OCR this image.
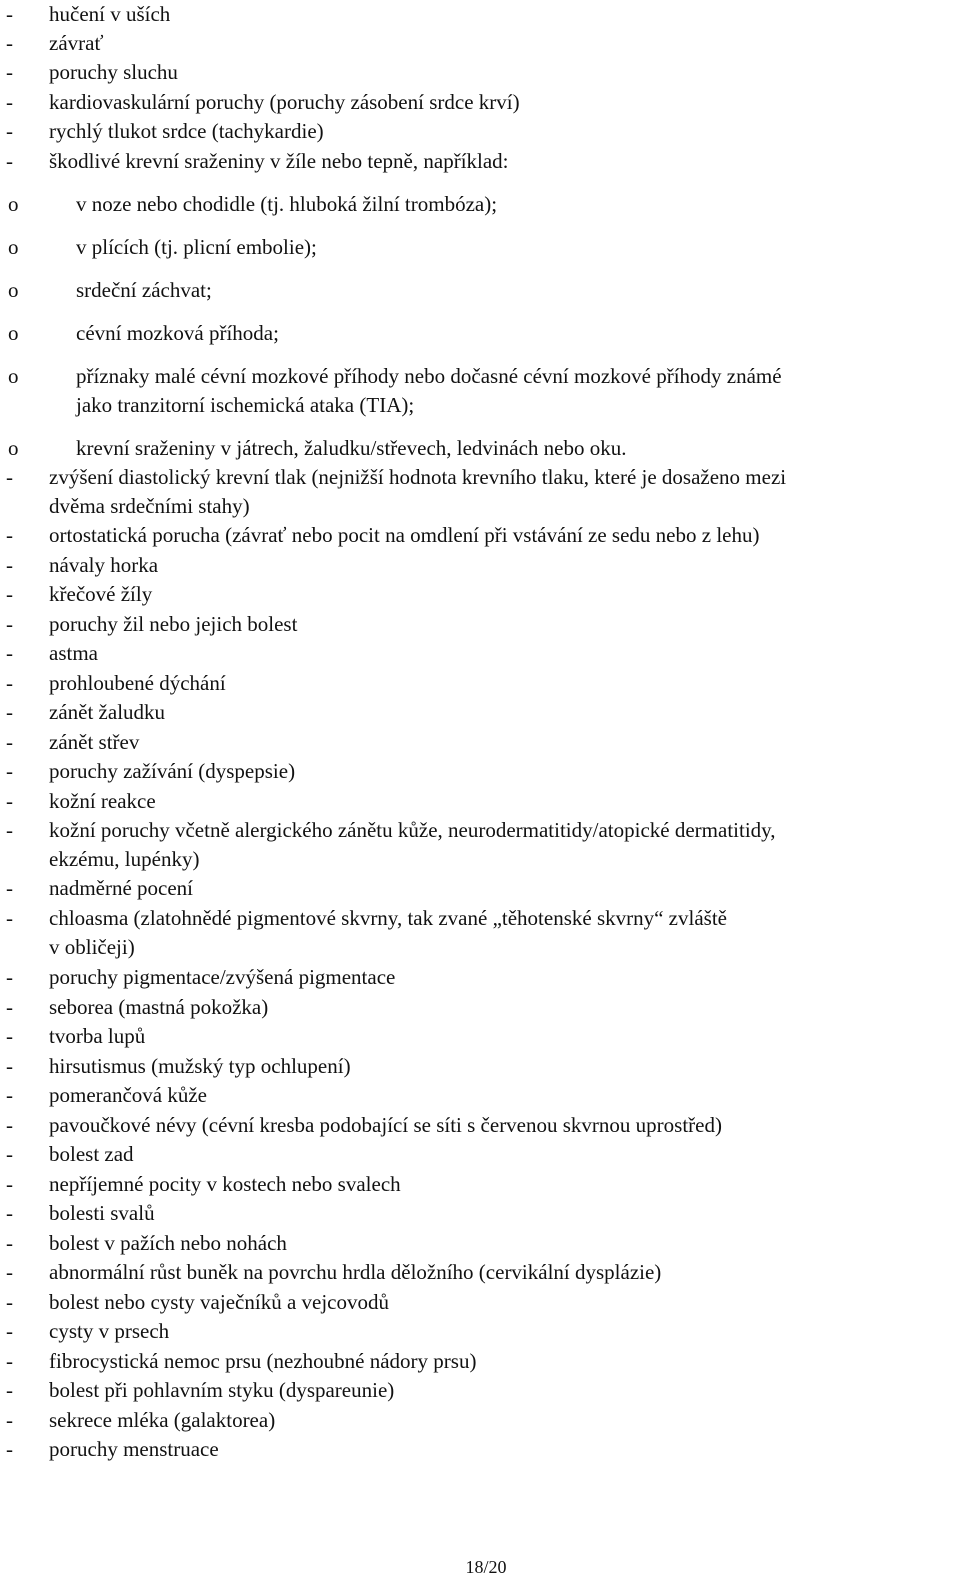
- hučení v uších
- závrať
- poruchy sluchu
- kardiovaskulární poruchy (poruchy zásobení srdce krví)
- rychlý tlukot srdce (tachykardie)
- škodlivé krevní sraženiny v žíle nebo tepně, například:
o	v noze nebo chodidle (tj. hluboká žilní trombóza);
o	v plících (tj. plicní embolie);
o	srdeční záchvat;
o	cévní mozková příhoda;
o	příznaky malé cévní mozkové příhody nebo dočasné cévní mozkové příhody známé
jako tranzitorní ischemická ataka (TIA);
o	krevní sraženiny v játrech, žaludku/střevech, ledvinách nebo oku.
- zvýšení diastolický krevní tlak (nejnižší hodnota krevního tlaku, které je dosaženo mezi
dvěma srdečními stahy)
- ortostatická porucha (závrať nebo pocit na omdlení při vstávání ze sedu nebo z lehu)
- návaly horka
- křečové žíly
- poruchy žil nebo jejich bolest
- astma
- prohloubené dýchání
- zánět žaludku
- zánět střev
- poruchy zažívání (dyspepsie)
- kožní reakce
- kožní poruchy včetně alergického zánětu kůže, neurodermatitidy/atopické dermatitidy,
ekzému, lupénky)
- nadměrné pocení
- chloasma (zlatohnědé pigmentové skvrny, tak zvané „těhotenské skvrny“ zvláště
v obličeji)
- poruchy pigmentace/zvýšená pigmentace
- seborea (mastná pokožka)
- tvorba lupů
- hirsutismus (mužský typ ochlupení)
- pomerančová kůže
- pavoučkové névy (cévní kresba podobající se síti s červenou skvrnou uprostřed)
- bolest zad
- nepříjemné pocity v kostech nebo svalech
- bolesti svalů
- bolest v pažích nebo nohách
- abnormální růst buněk na povrchu hrdla děložního (cervikální dysplázie)
- bolest nebo cysty vaječníků a vejcovodů
- cysty v prsech
- fibrocystická nemoc prsu (nezhoubné nádory prsu)
- bolest při pohlavním styku (dyspareunie)
- sekrece mléka (galaktorea)
- poruchy menstruace
18/20
